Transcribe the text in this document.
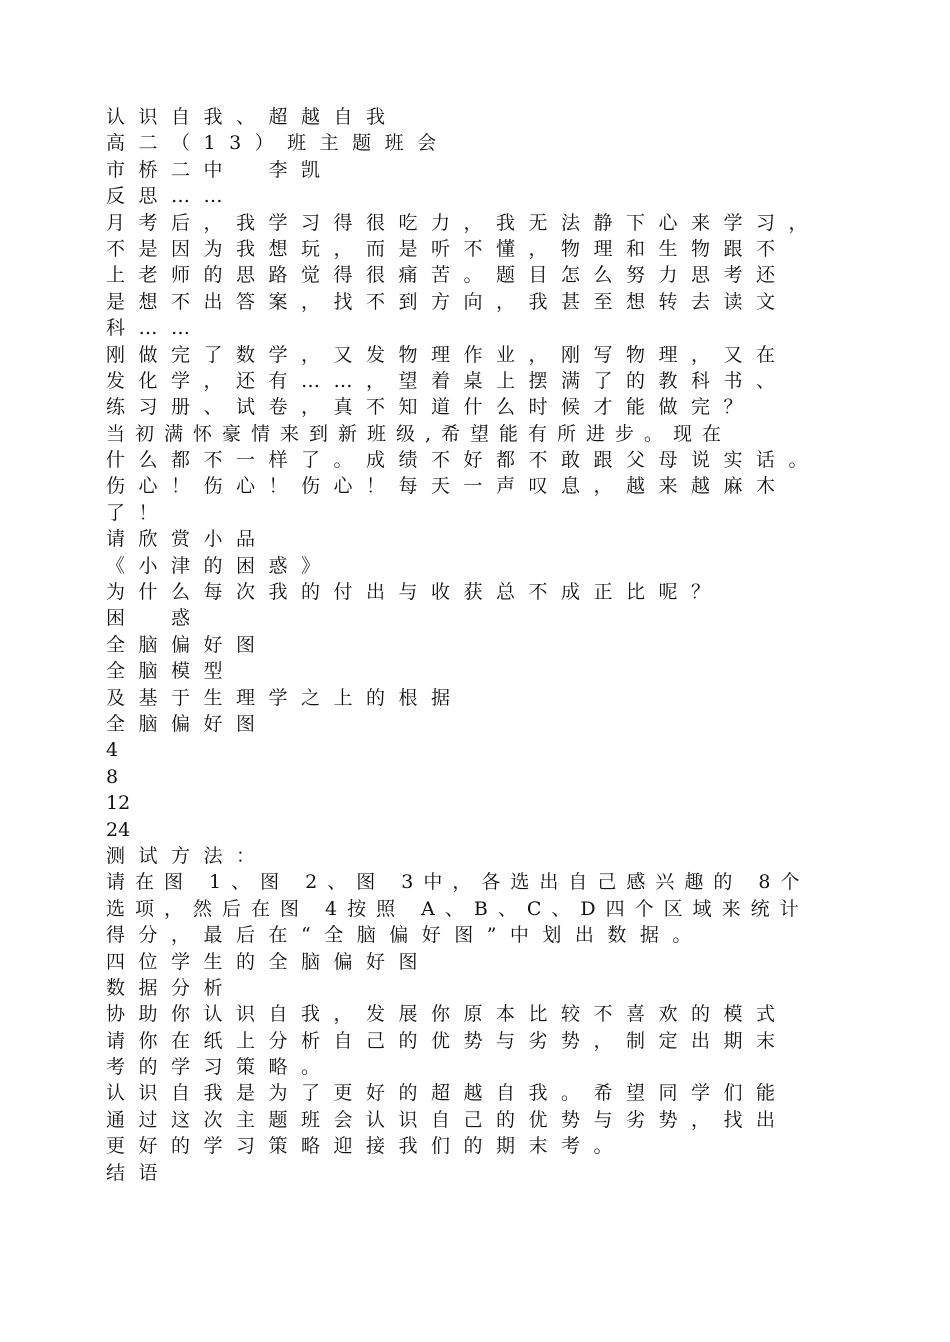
认识自我、超越自我
高二（13）班主题班会
市桥二中　李凯
反思……
月考后，我学习得很吃力，我无法静下心来学习，
不是因为我想玩，而是听不懂，物理和生物跟不
上老师的思路觉得很痛苦。题目怎么努力思考还
是想不出答案，找不到方向，我甚至想转去读文
科……
刚做完了数学，又发物理作业，刚写物理，又在
发化学，还有……，望着桌上摆满了的教科书、
练习册、试卷，真不知道什么时候才能做完？
当初满怀豪情来到新班级,希望能有所进步。现在
什么都不一样了。成绩不好都不敢跟父母说实话。
伤心！伤心！伤心！每天一声叹息，越来越麻木
了！
请欣赏小品
《小津的困惑》
为什么每次我的付出与收获总不成正比呢？
困　惑
全脑偏好图
全脑模型
及基于生理学之上的根据
全脑偏好图
4
8
12
24
测试方法：
请在图 1、图 2、图 3中，各选出自己感兴趣的 8个
选项，然后在图 4按照 A、B、C、D四个区域来统计
得分，最后在“全脑偏好图”中划出数据。
四位学生的全脑偏好图
数据分析
协助你认识自我，发展你原本比较不喜欢的模式
请你在纸上分析自己的优势与劣势，制定出期末
考的学习策略。
认识自我是为了更好的超越自我。希望同学们能
通过这次主题班会认识自己的优势与劣势，找出
更好的学习策略迎接我们的期末考。
结语
